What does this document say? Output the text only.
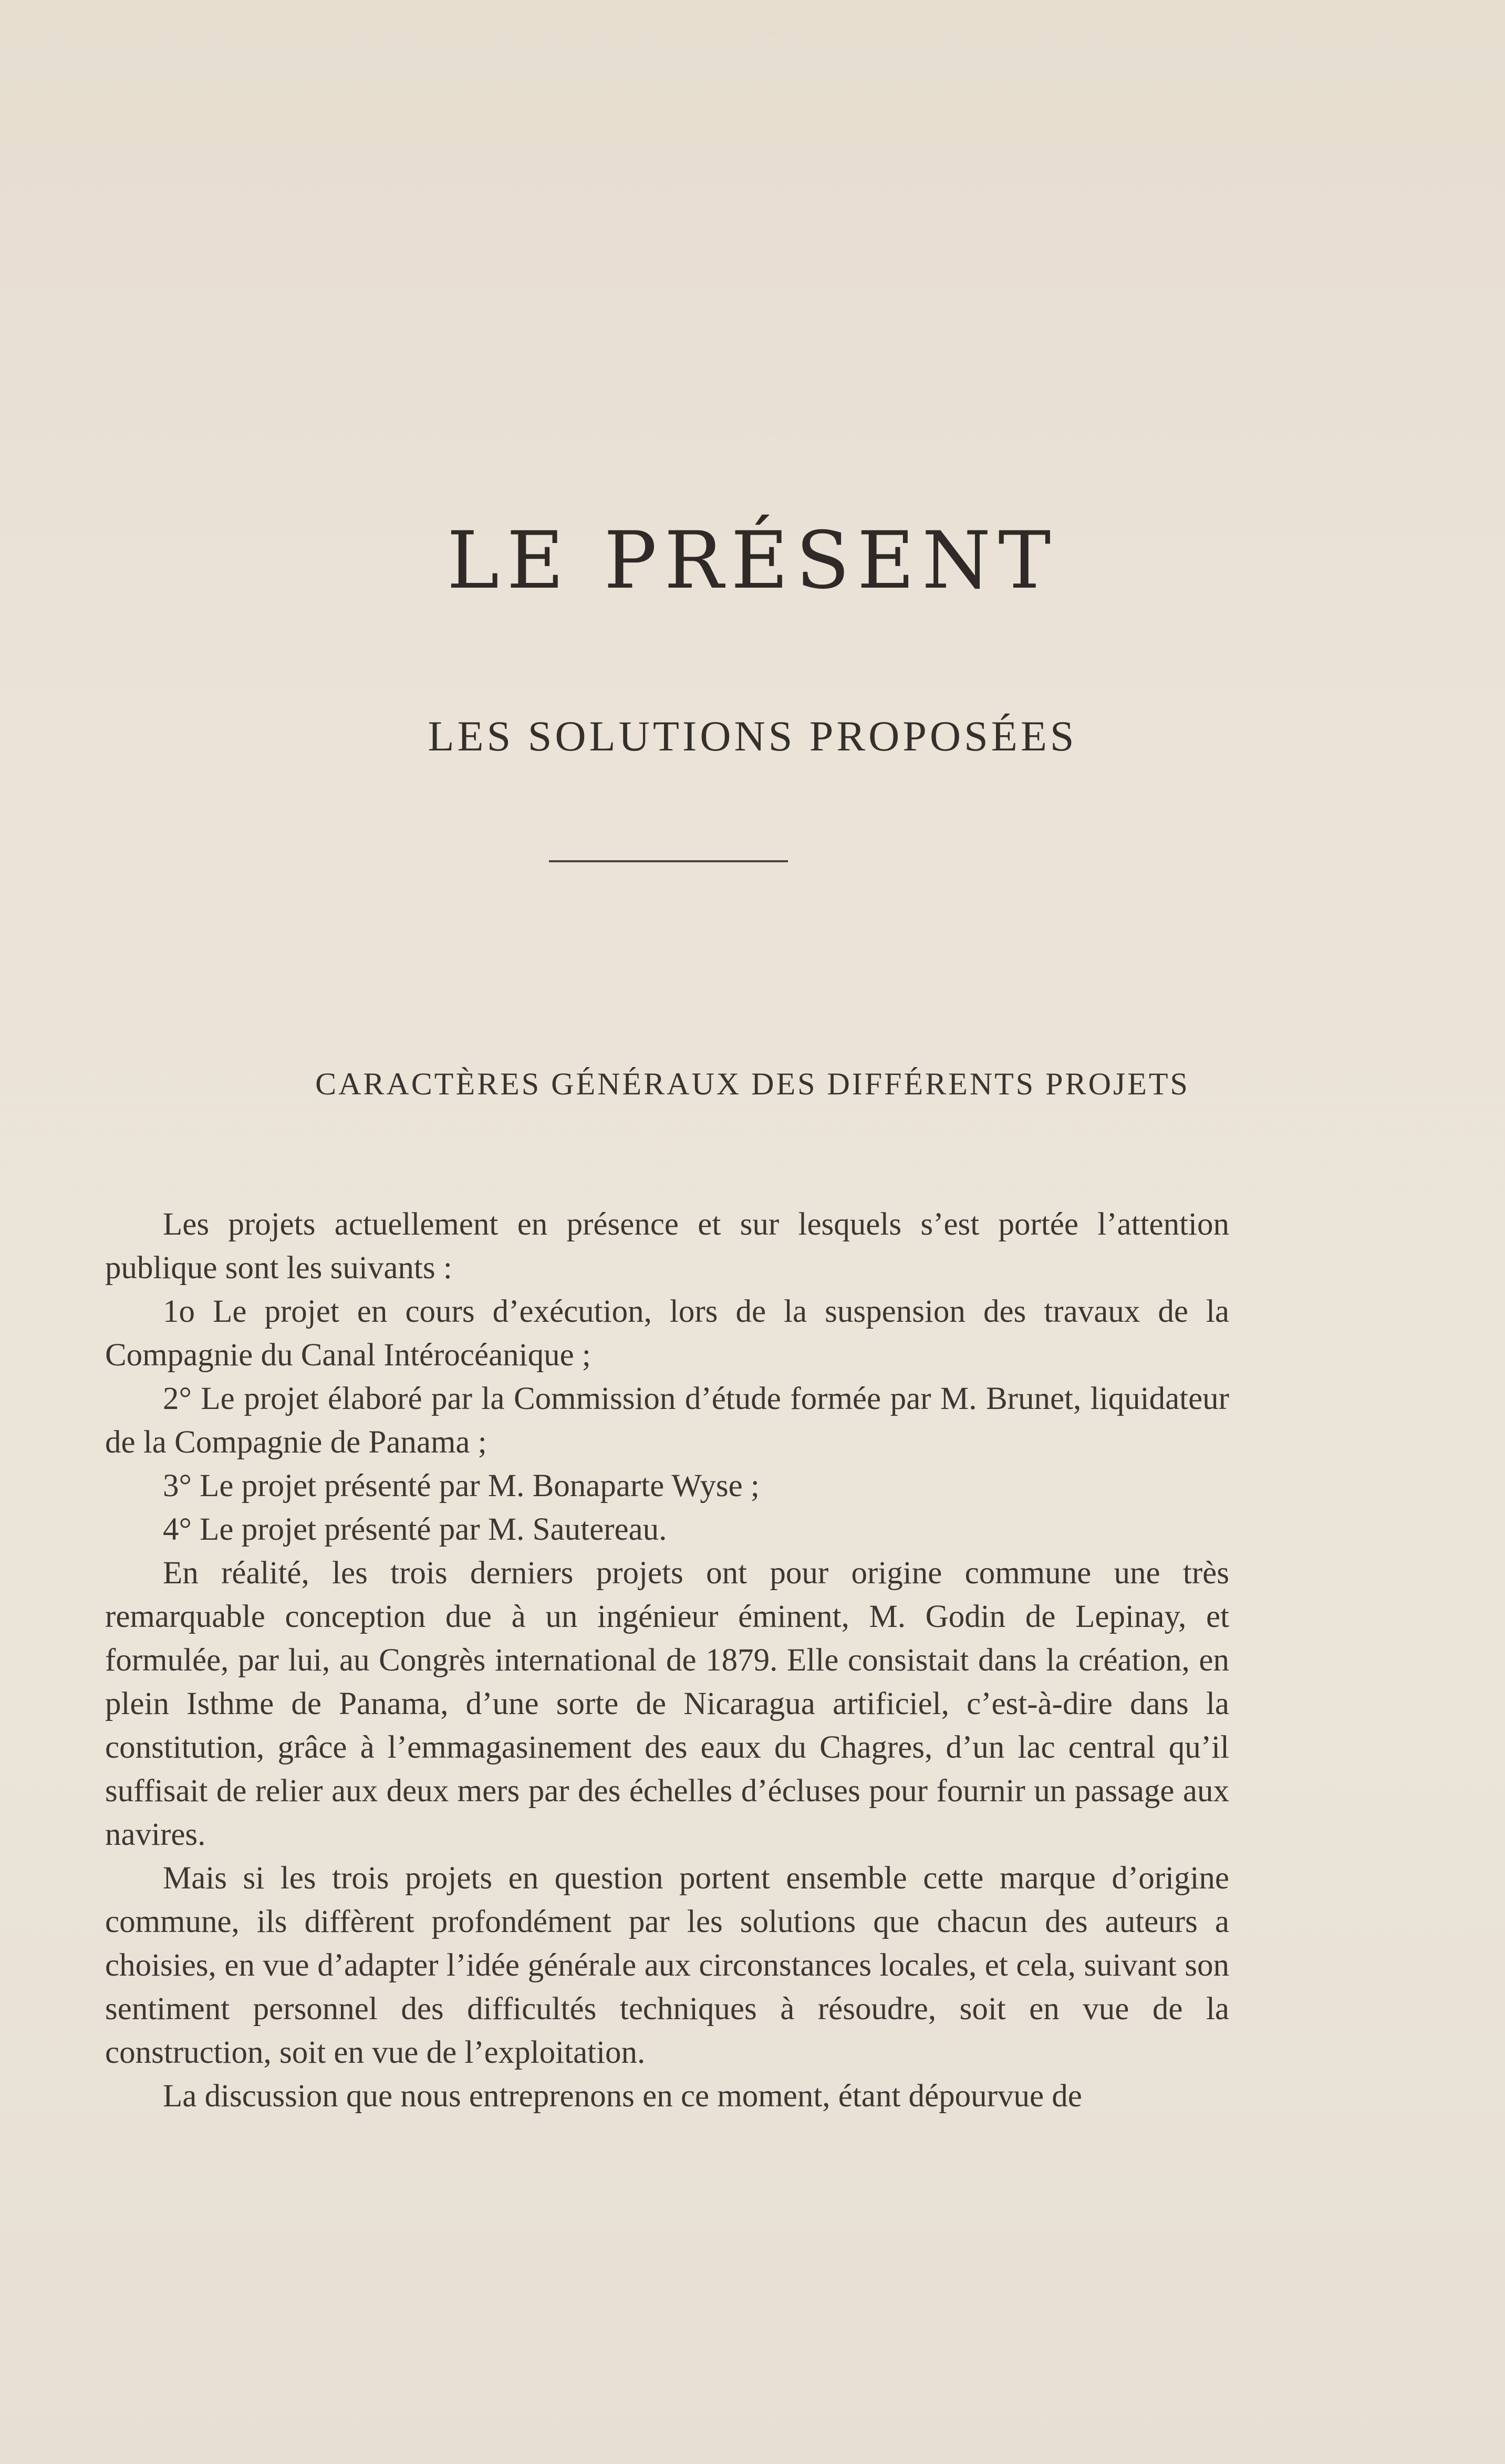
LE PRÉSENT
LES SOLUTIONS PROPOSÉES
CARACTÈRES GÉNÉRAUX DES DIFFÉRENTS PROJETS

Les projets actuellement en présence et sur lesquels s’est portée l’attention publique sont les suivants :

1o Le projet en cours d’exécution, lors de la suspension des travaux de la Compagnie du Canal Intérocéanique ;

2° Le projet élaboré par la Commission d’étude formée par M. Brunet, liquidateur de la Compagnie de Panama ;

3° Le projet présenté par M. Bonaparte Wyse ;

4° Le projet présenté par M. Sautereau.

En réalité, les trois derniers projets ont pour origine commune une très remarquable conception due à un ingénieur éminent, M. Godin de Lepinay, et formulée, par lui, au Congrès international de 1879. Elle consistait dans la création, en plein Isthme de Panama, d’une sorte de Nicaragua artificiel, c’est-à-dire dans la constitution, grâce à l’emmagasinement des eaux du Chagres, d’un lac central qu’il suffisait de relier aux deux mers par des échelles d’écluses pour fournir un passage aux navires.

Mais si les trois projets en question portent ensemble cette marque d’origine commune, ils diffèrent profondément par les solutions que chacun des auteurs a choisies, en vue d’adapter l’idée générale aux circonstances locales, et cela, suivant son sentiment personnel des difficultés techniques à résoudre, soit en vue de la construction, soit en vue de l’exploitation.

La discussion que nous entreprenons en ce moment, étant dépourvue de
